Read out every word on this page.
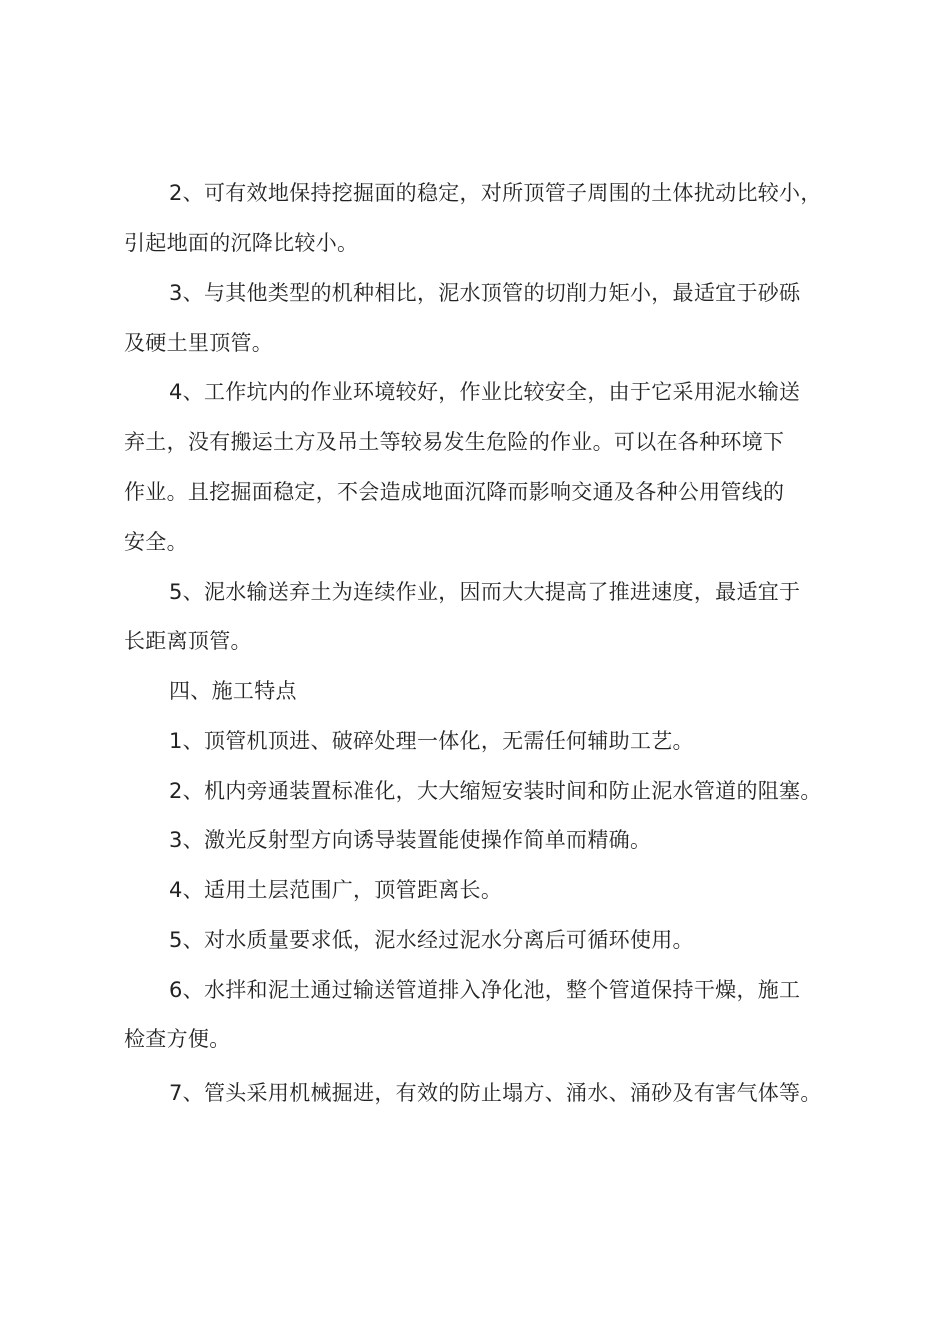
2、可有效地保持挖掘面的稳定，对所顶管子周围的土体扰动比较小，
引起地面的沉降比较小。
3、与其他类型的机种相比，泥水顶管的切削力矩小，最适宜于砂砾
及硬土里顶管。
4、工作坑内的作业环境较好，作业比较安全，由于它采用泥水输送
弃土，没有搬运土方及吊土等较易发生危险的作业。可以在各种环境下
作业。且挖掘面稳定，不会造成地面沉降而影响交通及各种公用管线的
安全。
5、泥水输送弃土为连续作业，因而大大提高了推进速度，最适宜于
长距离顶管。
四、施工特点
1、顶管机顶进、破碎处理一体化，无需任何辅助工艺。
2、机内旁通装置标准化，大大缩短安装时间和防止泥水管道的阻塞。
3、激光反射型方向诱导装置能使操作简单而精确。
4、适用土层范围广，顶管距离长。
5、对水质量要求低，泥水经过泥水分离后可循环使用。
6、水拌和泥土通过输送管道排入净化池，整个管道保持干燥，施工
检查方便。
7、管头采用机械掘进，有效的防止塌方、涌水、涌砂及有害气体等。
